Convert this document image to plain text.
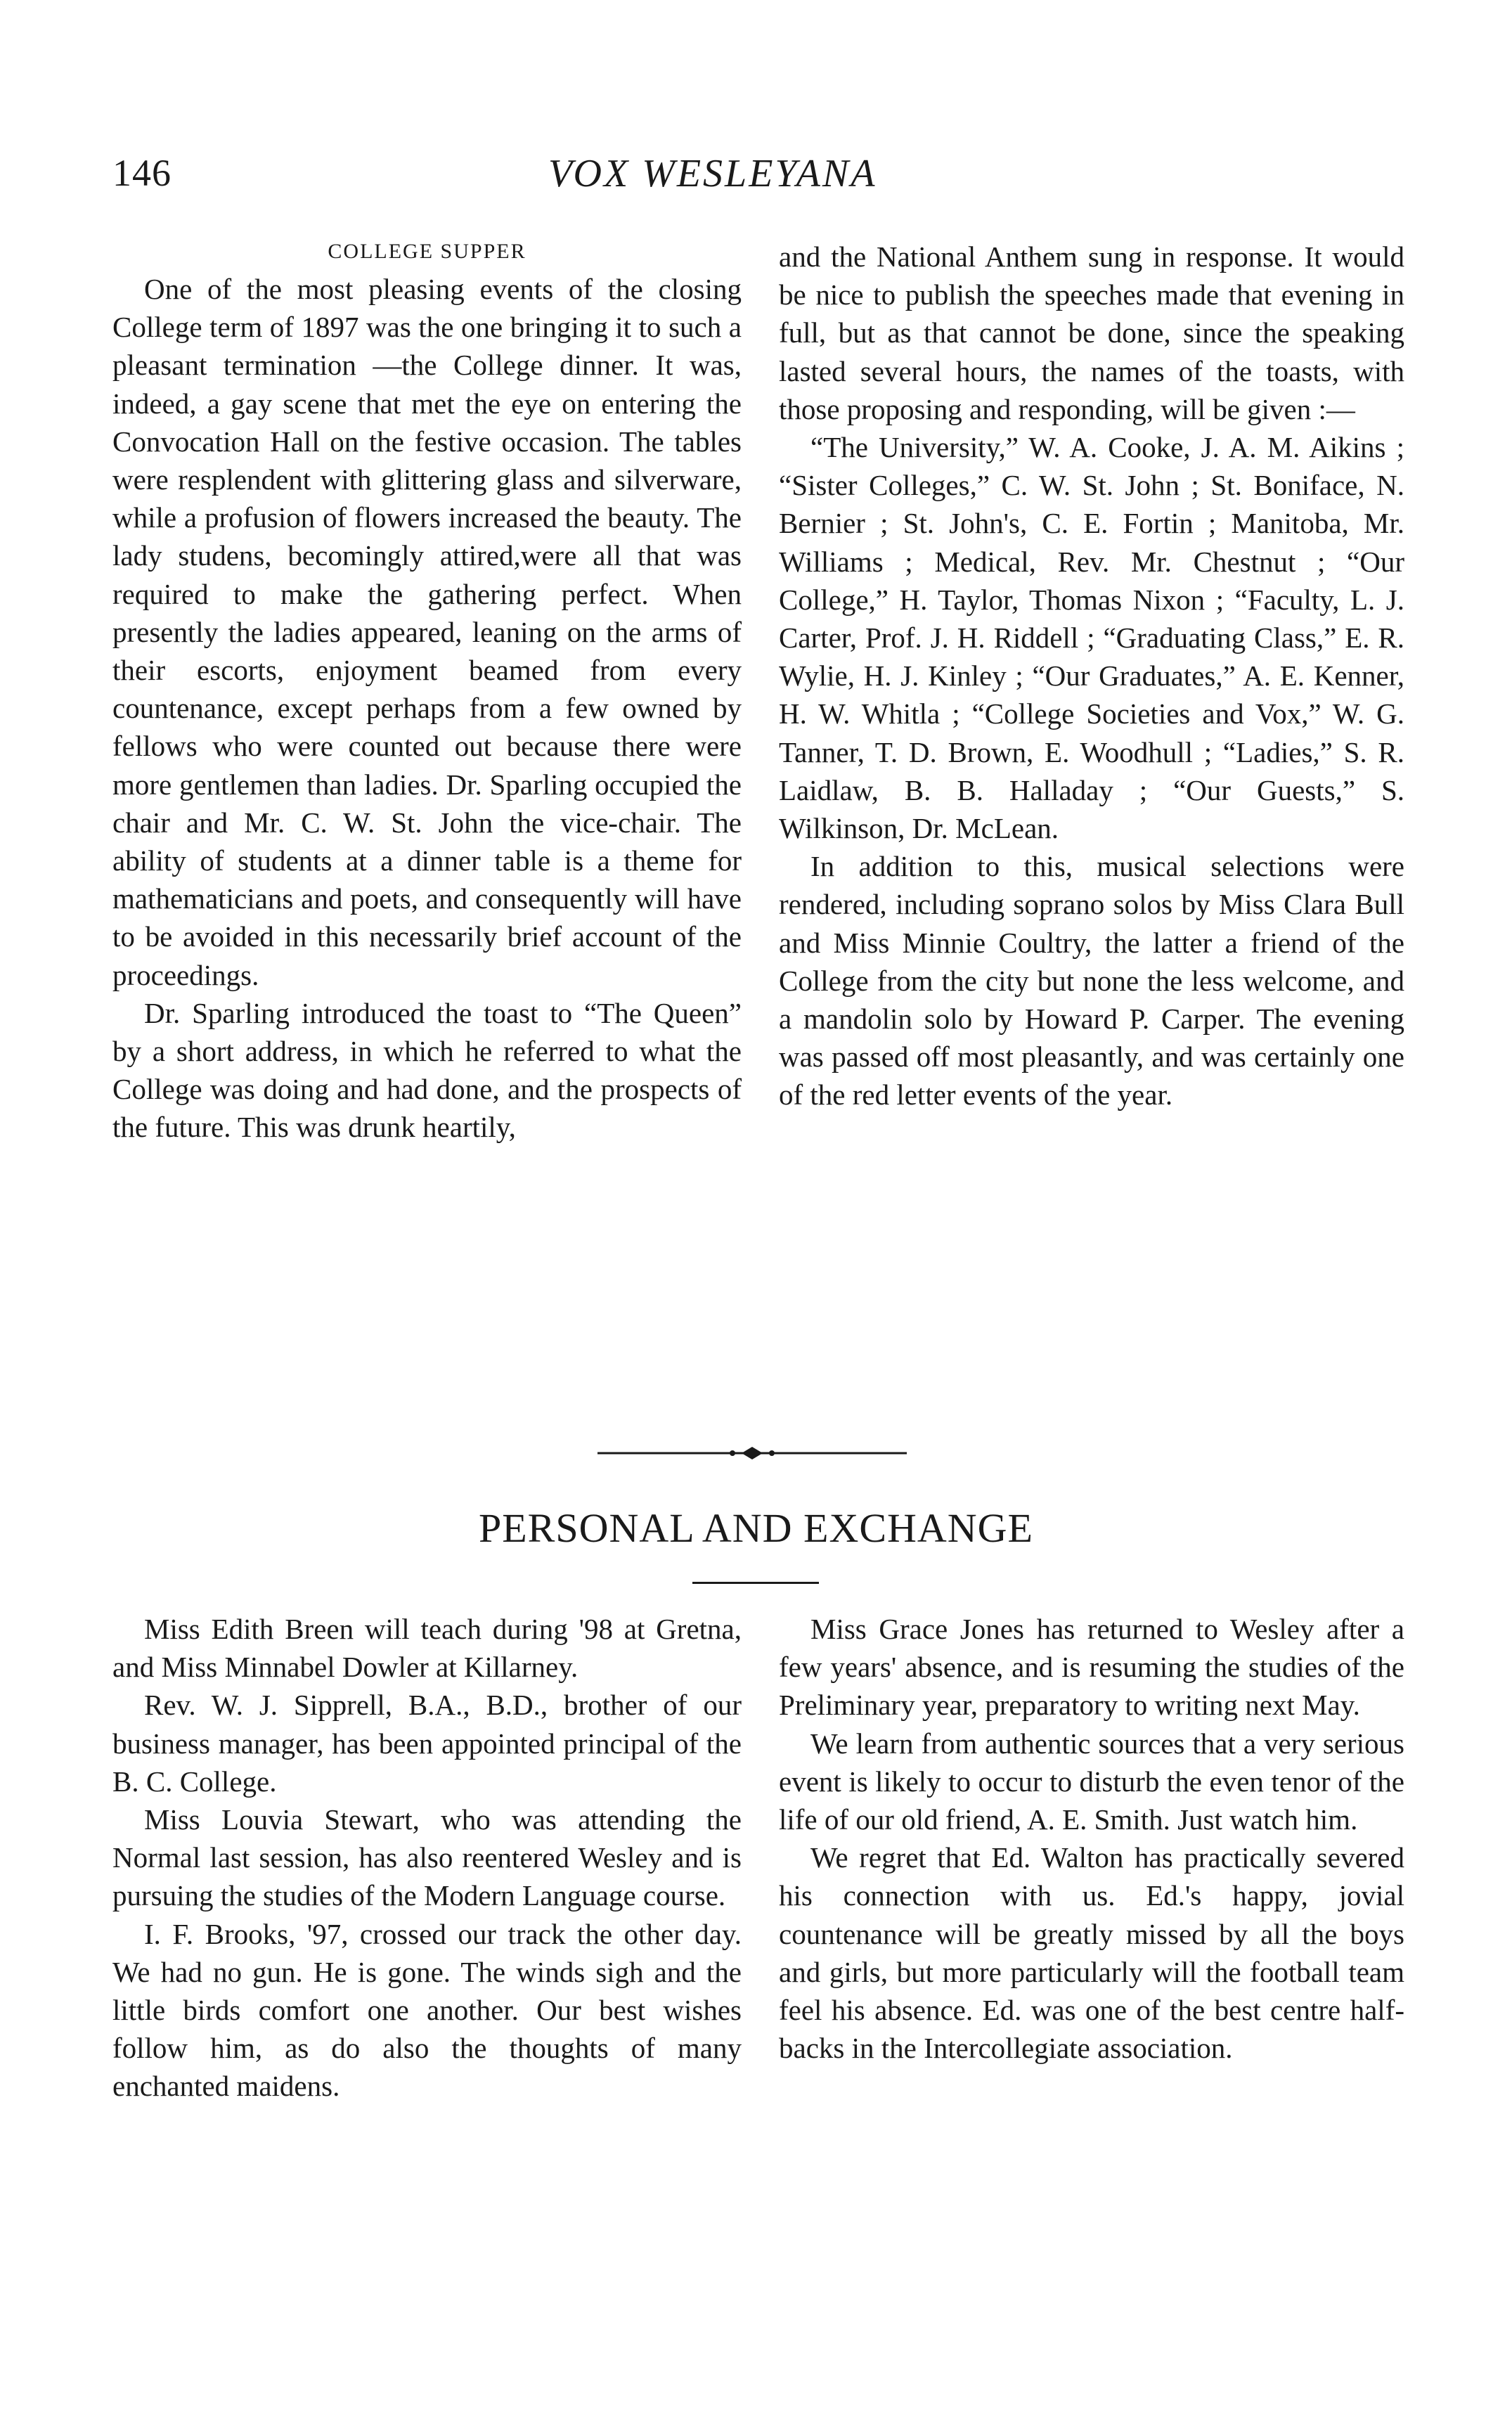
146	VOX WESLEYANA
COLLEGE SUPPER

One of the most pleasing events of the closing College term of 1897 was the one bringing it to such a pleasant termination —the College dinner. It was, indeed, a gay scene that met the eye on entering the Convocation Hall on the festive occasion. The tables were resplendent with glittering glass and silverware, while a profusion of flowers increased the beauty. The lady studens, becomingly attired,were all that was required to make the gathering perfect. When presently the ladies appeared, leaning on the arms of their escorts, enjoyment beamed from every countenance, except perhaps from a few owned by fellows who were counted out because there were more gentlemen than ladies. Dr. Sparling occupied the chair and Mr. C. W. St. John the vice-chair. The ability of students at a dinner table is a theme for mathematicians and poets, and consequently will have to be avoided in this necessarily brief account of the proceedings.

Dr. Sparling introduced the toast to “The Queen” by a short address, in which he referred to what the College was doing and had done, and the prospects of the future. This was drunk heartily,

and the National Anthem sung in response. It would be nice to publish the speeches made that evening in full, but as that cannot be done, since the speaking lasted several hours, the names of the toasts, with those proposing and responding, will be given :—

“The University,” W. A. Cooke, J. A. M. Aikins ; “Sister Colleges,” C. W. St. John ; St. Boniface, N. Bernier ; St. John's, C. E. Fortin ; Manitoba, Mr. Williams ; Medical, Rev. Mr. Chestnut ; “Our College,” H. Taylor, Thomas Nixon ; “Faculty, L. J. Carter, Prof. J. H. Riddell ; “Graduating Class,” E. R. Wylie, H. J. Kinley ; “Our Graduates,” A. E. Kenner, H. W. Whitla ; “College Societies and Vox,” W. G. Tanner, T. D. Brown, E. Woodhull ; “Ladies,” S. R. Laidlaw, B. B. Halladay ; “Our Guests,” S. Wilkinson, Dr. McLean.

In addition to this, musical selections were rendered, including soprano solos by Miss Clara Bull and Miss Minnie Coultry, the latter a friend of the College from the city but none the less welcome, and a mandolin solo by Howard P. Carper. The evening was passed off most pleasantly, and was certainly one of the red letter events of the year.

PERSONAL AND EXCHANGE

Miss Edith Breen will teach during '98 at Gretna, and Miss Minnabel Dowler at Killarney.

Rev. W. J. Sipprell, B.A., B.D., brother of our business manager, has been appointed principal of the B. C. College.

Miss Louvia Stewart, who was attending the Normal last session, has also reentered Wesley and is pursuing the studies of the Modern Language course.

I. F. Brooks, '97, crossed our track the other day. We had no gun. He is gone. The winds sigh and the little birds comfort one another. Our best wishes follow him, as do also the thoughts of many enchanted maidens.

Miss Grace Jones has returned to Wesley after a few years' absence, and is resuming the studies of the Preliminary year, preparatory to writing next May.

We learn from authentic sources that a very serious event is likely to occur to disturb the even tenor of the life of our old friend, A. E. Smith. Just watch him.

We regret that Ed. Walton has practically severed his connection with us. Ed.'s happy, jovial countenance will be greatly missed by all the boys and girls, but more particularly will the football team feel his absence. Ed. was one of the best centre half-backs in the Intercollegiate association.
